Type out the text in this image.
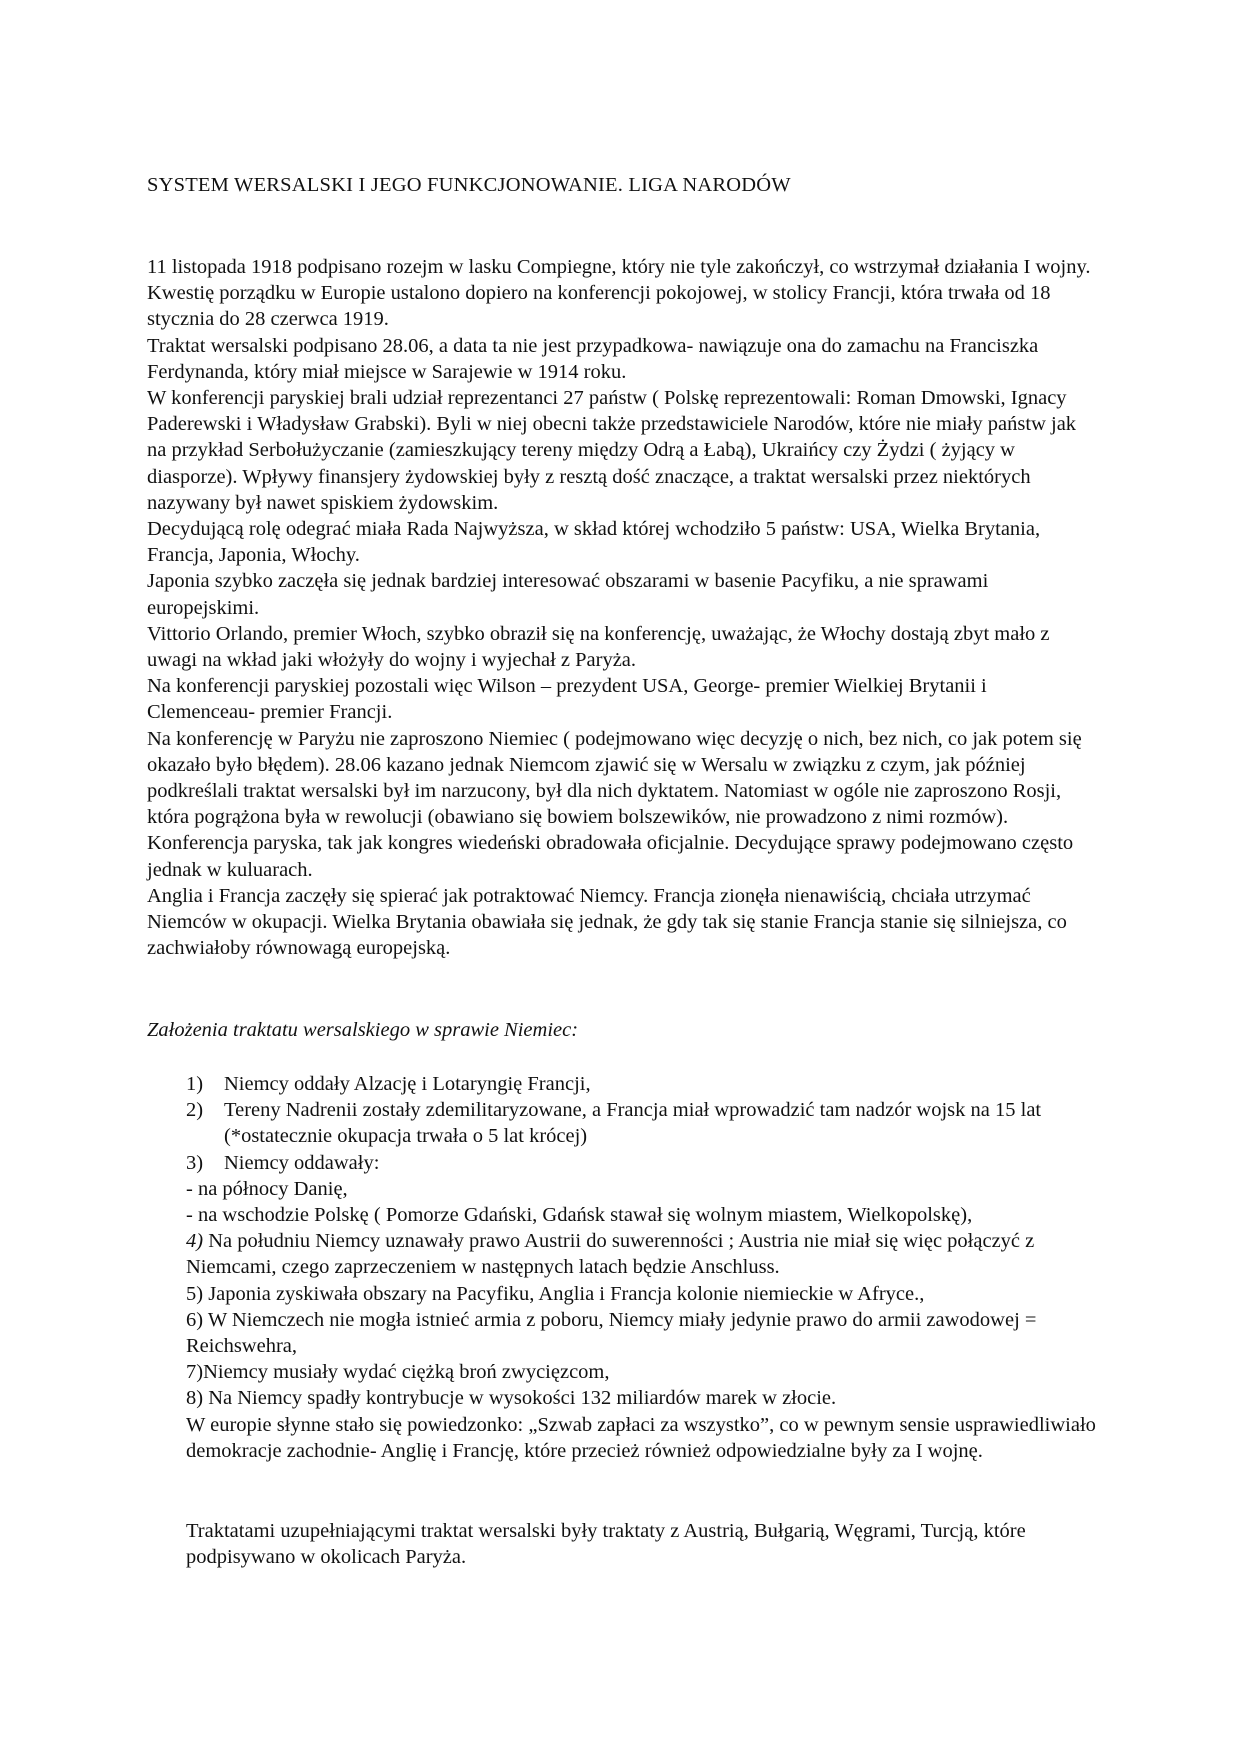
SYSTEM WERSALSKI I JEGO FUNKCJONOWANIE. LIGA NARODÓW

11 listopada 1918 podpisano rozejm w lasku Compiegne, który nie tyle zakończył, co wstrzymał działania I wojny. Kwestię porządku w Europie ustalono dopiero na konferencji pokojowej, w stolicy Francji, która trwała od 18 stycznia do 28 czerwca 1919.

Traktat wersalski podpisano 28.06, a data ta nie jest przypadkowa- nawiązuje ona do zamachu na Franciszka Ferdynanda, który miał miejsce w Sarajewie w 1914 roku.

W konferencji paryskiej brali udział reprezentanci 27 państw ( Polskę reprezentowali: Roman Dmowski, Ignacy Paderewski i Władysław Grabski). Byli w niej obecni także przedstawiciele Narodów, które nie miały państw jak na przykład Serbołużyczanie (zamieszkujący tereny między Odrą a Łabą), Ukraińcy czy Żydzi ( żyjący w diasporze). Wpływy finansjery żydowskiej były z resztą dość znaczące, a traktat wersalski przez niektórych nazywany był nawet spiskiem żydowskim.

Decydującą rolę odegrać miała Rada Najwyższa, w skład której wchodziło 5 państw: USA, Wielka Brytania, Francja, Japonia, Włochy.

Japonia szybko zaczęła się jednak bardziej interesować obszarami w basenie Pacyfiku, a nie sprawami europejskimi.

Vittorio Orlando, premier Włoch, szybko obraził się na konferencję, uważając, że Włochy dostają zbyt mało z uwagi na wkład jaki włożyły do wojny i wyjechał z Paryża.

Na konferencji paryskiej pozostali więc Wilson – prezydent USA, George- premier Wielkiej Brytanii i Clemenceau- premier Francji.

Na konferencję w Paryżu nie zaproszono Niemiec ( podejmowano więc decyzję o nich, bez nich, co jak potem się okazało było błędem). 28.06 kazano jednak Niemcom zjawić się w Wersalu w związku z czym, jak później podkreślali traktat wersalski był im narzucony, był dla nich dyktatem. Natomiast w ogóle nie zaproszono Rosji, która pogrążona była w rewolucji (obawiano się bowiem bolszewików, nie prowadzono z nimi rozmów).

Konferencja paryska, tak jak kongres wiedeński obradowała oficjalnie. Decydujące sprawy podejmowano często jednak w kuluarach.

Anglia i Francja zaczęły się spierać jak potraktować Niemcy. Francja zionęła nienawiścią, chciała utrzymać Niemców w okupacji. Wielka Brytania obawiała się jednak, że gdy tak się stanie Francja stanie się silniejsza, co zachwiałoby równowagą europejską.

Założenia traktatu wersalskiego w sprawie Niemiec:

1) Niemcy oddały Alzację i Lotaryngię Francji,

2) Tereny Nadrenii zostały zdemilitaryzowane, a Francja miał wprowadzić tam nadzór wojsk na 15 lat (*ostatecznie okupacja trwała o 5 lat krócej)

3) Niemcy oddawały:

- na północy Danię,

- na wschodzie Polskę ( Pomorze Gdański, Gdańsk stawał się wolnym miastem, Wielkopolskę),

4) Na południu Niemcy uznawały prawo Austrii do suwerenności ; Austria nie miał się więc połączyć z Niemcami, czego zaprzeczeniem w następnych latach będzie Anschluss.

5) Japonia zyskiwała obszary na Pacyfiku, Anglia i Francja kolonie niemieckie w Afryce.,

6) W Niemczech nie mogła istnieć armia z poboru, Niemcy miały jedynie prawo do armii zawodowej = Reichswehra,

7)Niemcy musiały wydać ciężką broń zwycięzcom,

8) Na Niemcy spadły kontrybucje w wysokości 132 miliardów marek w złocie.

W europie słynne stało się powiedzonko: „Szwab zapłaci za wszystko”, co w pewnym sensie usprawiedliwiało demokracje zachodnie- Anglię i Francję, które przecież również odpowiedzialne były za I wojnę.

Traktatami uzupełniającymi traktat wersalski były traktaty z Austrią, Bułgarią, Węgrami, Turcją, które podpisywano w okolicach Paryża.
